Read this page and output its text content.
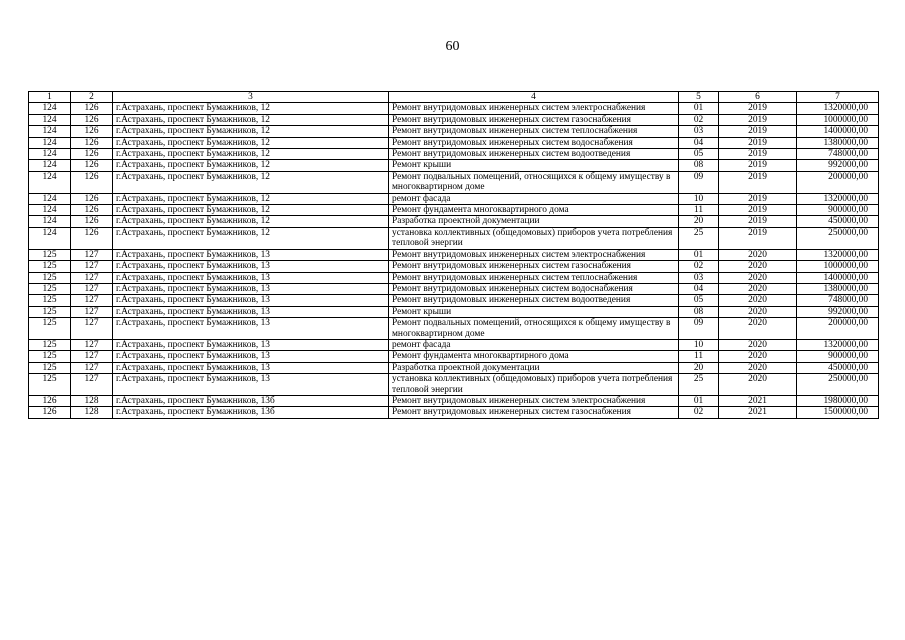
60
1	2	3	4	5	6	7
124	126	г.Астрахань, проспект Бумажников, 12	Ремонт внутридомовых инженерных систем электроснабжения	01	2019	1320000,00
124	126	г.Астрахань, проспект Бумажников, 12	Ремонт внутридомовых инженерных систем газоснабжения	02	2019	1000000,00
124	126	г.Астрахань, проспект Бумажников, 12	Ремонт внутридомовых инженерных систем теплоснабжения	03	2019	1400000,00
124	126	г.Астрахань, проспект Бумажников, 12	Ремонт внутридомовых инженерных систем водоснабжения	04	2019	1380000,00
124	126	г.Астрахань, проспект Бумажников, 12	Ремонт внутридомовых инженерных систем водоотведения	05	2019	748000,00
124	126	г.Астрахань, проспект Бумажников, 12	Ремонт крыши	08	2019	992000,00
124	126	г.Астрахань, проспект Бумажников, 12	Ремонт подвальных помещений, относящихся к общему имуществу в многоквартирном доме	09	2019	200000,00
124	126	г.Астрахань, проспект Бумажников, 12	ремонт фасада	10	2019	1320000,00
124	126	г.Астрахань, проспект Бумажников, 12	Ремонт фундамента многоквартирного дома	11	2019	900000,00
124	126	г.Астрахань, проспект Бумажников, 12	Разработка проектной документации	20	2019	450000,00
124	126	г.Астрахань, проспект Бумажников, 12	установка коллективных (общедомовых) приборов учета потребления тепловой энергии	25	2019	250000,00
125	127	г.Астрахань, проспект Бумажников, 13	Ремонт внутридомовых инженерных систем электроснабжения	01	2020	1320000,00
125	127	г.Астрахань, проспект Бумажников, 13	Ремонт внутридомовых инженерных систем газоснабжения	02	2020	1000000,00
125	127	г.Астрахань, проспект Бумажников, 13	Ремонт внутридомовых инженерных систем теплоснабжения	03	2020	1400000,00
125	127	г.Астрахань, проспект Бумажников, 13	Ремонт внутридомовых инженерных систем водоснабжения	04	2020	1380000,00
125	127	г.Астрахань, проспект Бумажников, 13	Ремонт внутридомовых инженерных систем водоотведения	05	2020	748000,00
125	127	г.Астрахань, проспект Бумажников, 13	Ремонт крыши	08	2020	992000,00
125	127	г.Астрахань, проспект Бумажников, 13	Ремонт подвальных помещений, относящихся к общему имуществу в многоквартирном доме	09	2020	200000,00
125	127	г.Астрахань, проспект Бумажников, 13	ремонт фасада	10	2020	1320000,00
125	127	г.Астрахань, проспект Бумажников, 13	Ремонт фундамента многоквартирного дома	11	2020	900000,00
125	127	г.Астрахань, проспект Бумажников, 13	Разработка проектной документации	20	2020	450000,00
125	127	г.Астрахань, проспект Бумажников, 13	установка коллективных (общедомовых) приборов учета потребления тепловой энергии	25	2020	250000,00
126	128	г.Астрахань, проспект Бумажников, 13б	Ремонт внутридомовых инженерных систем электроснабжения	01	2021	1980000,00
126	128	г.Астрахань, проспект Бумажников, 13б	Ремонт внутридомовых инженерных систем газоснабжения	02	2021	1500000,00
